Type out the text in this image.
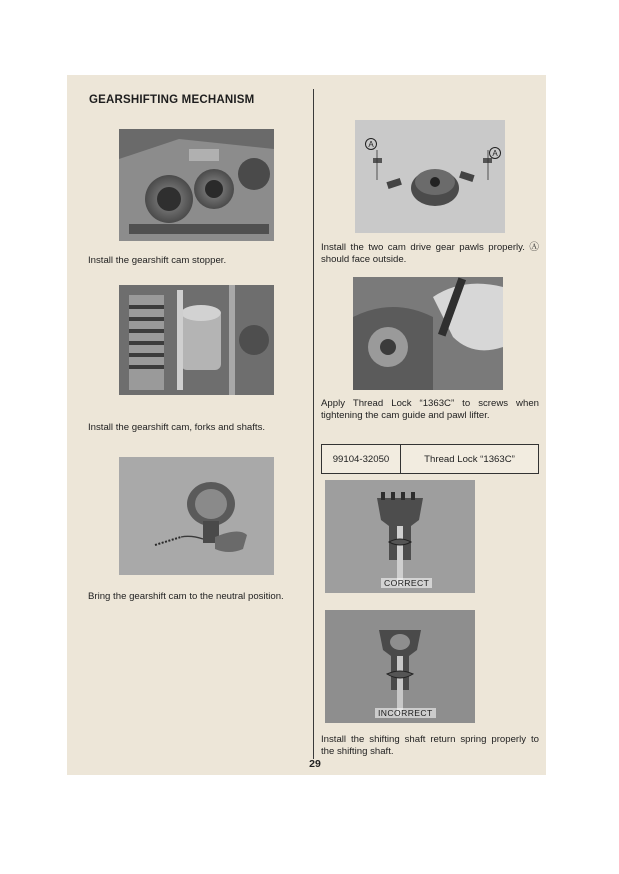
GEARSHIFTING MECHANISM
Install the gearshift cam stopper.
Install the gearshift cam, forks and shafts.
Bring the gearshift cam to the neutral position.
A
A
Install the two cam drive gear pawls properly. Ⓐ should face outside.
Apply Thread Lock “1363C” to screws when tightening the cam guide and pawl lifter.
99104-32050	Thread Lock “1363C”
CORRECT
INCORRECT
Install the shifting shaft return spring properly to the shifting shaft.
29
